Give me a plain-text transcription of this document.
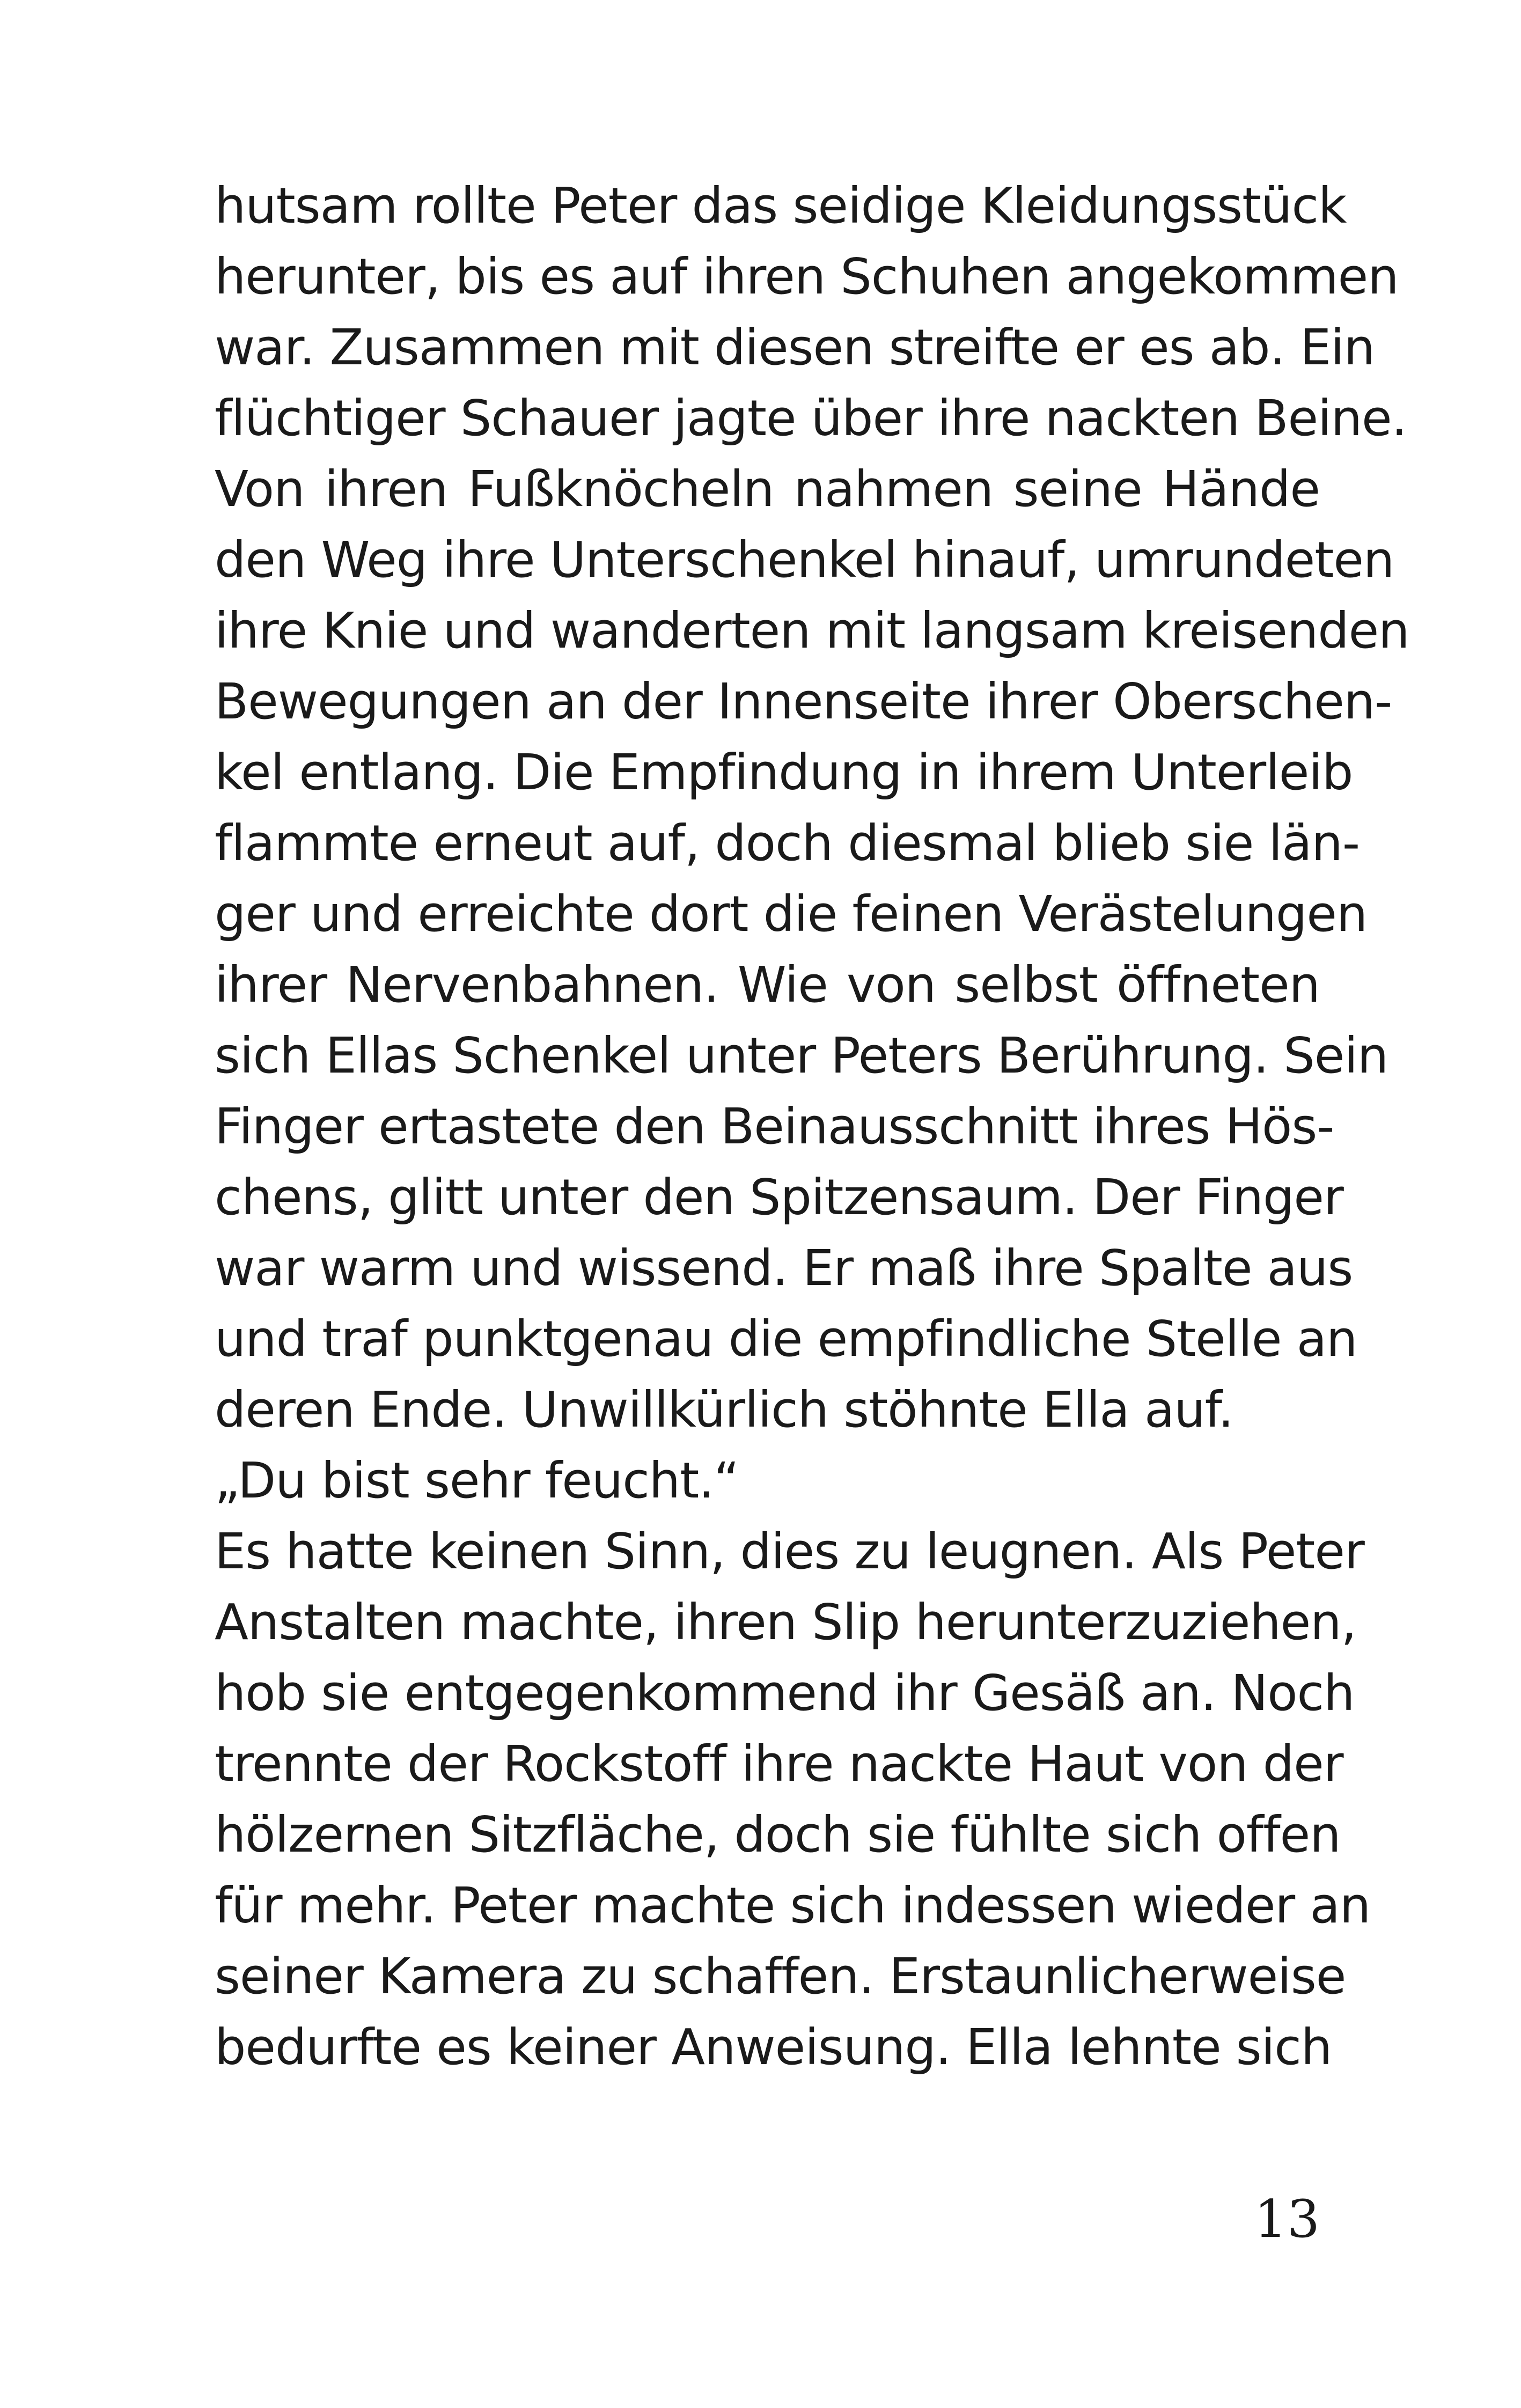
hutsam rollte Peter das seidige Kleidungsstück
herunter, bis es auf ihren Schuhen angekommen
war. Zusammen mit diesen streifte er es ab. Ein
flüchtiger Schauer jagte über ihre nackten Beine.
Von ihren Fußknöcheln nahmen seine Hände
den Weg ihre Unterschenkel hinauf, umrundeten
ihre Knie und wanderten mit langsam kreisenden
Bewegungen an der Innenseite ihrer Oberschen-
kel entlang. Die Empfindung in ihrem Unterleib
flammte erneut auf, doch diesmal blieb sie län-
ger und erreichte dort die feinen Verästelungen
ihrer Nervenbahnen. Wie von selbst öffneten
sich Ellas Schenkel unter Peters Berührung. Sein
Finger ertastete den Beinausschnitt ihres Hös-
chens, glitt unter den Spitzensaum. Der Finger
war warm und wissend. Er maß ihre Spalte aus
und traf punktgenau die empfindliche Stelle an
deren Ende. Unwillkürlich stöhnte Ella auf.
„Du bist sehr feucht.“
Es hatte keinen Sinn, dies zu leugnen. Als Peter
Anstalten machte, ihren Slip herunterzuziehen,
hob sie entgegenkommend ihr Gesäß an. Noch
trennte der Rockstoff ihre nackte Haut von der
hölzernen Sitzfläche, doch sie fühlte sich offen
für mehr. Peter machte sich indessen wieder an
seiner Kamera zu schaffen. Erstaunlicherweise
bedurfte es keiner Anweisung. Ella lehnte sich
13
